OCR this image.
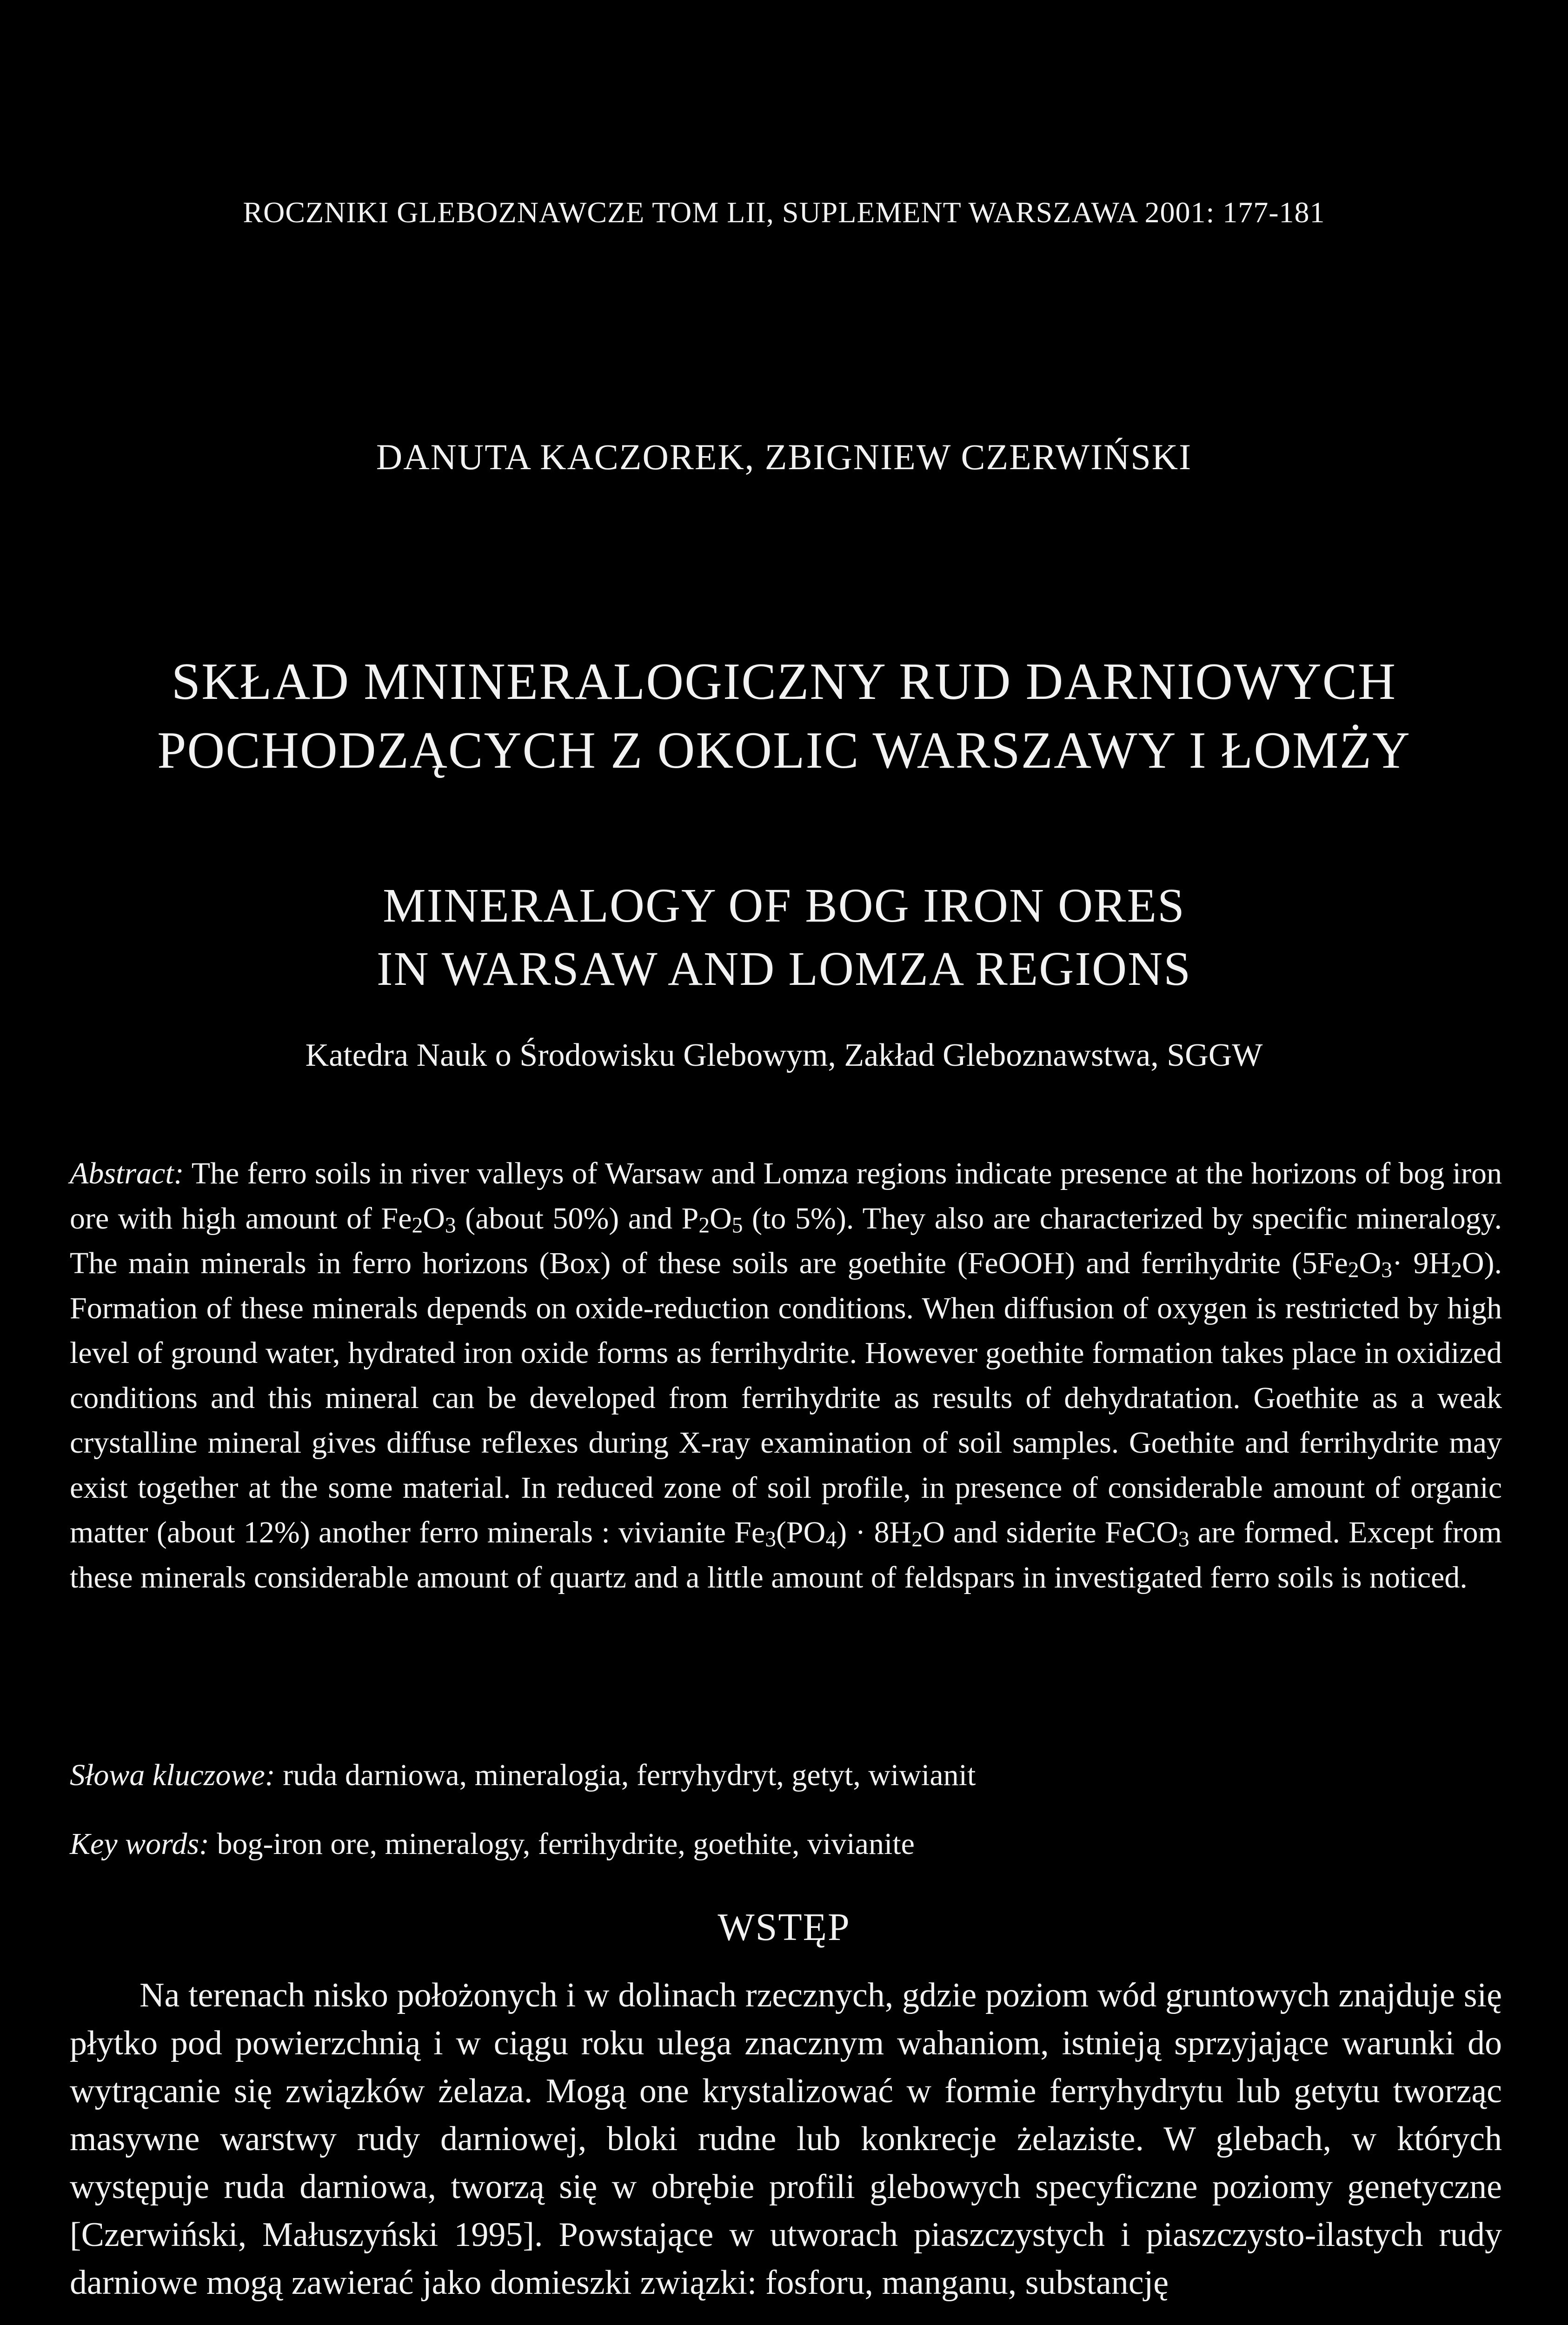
ROCZNIKI GLEBOZNAWCZE TOM LII, SUPLEMENT WARSZAWA 2001: 177-181
DANUTA KACZOREK, ZBIGNIEW CZERWIŃSKI
SKŁAD MNINERALOGICZNY RUD DARNIOWYCH
POCHODZĄCYCH Z OKOLIC WARSZAWY I ŁOMŻY
MINERALOGY OF BOG IRON ORES
IN WARSAW AND LOMZA REGIONS
Katedra Nauk o Środowisku Glebowym, Zakład Gleboznawstwa, SGGW
Abstract: The ferro soils in river valleys of Warsaw and Lomza regions indicate presence at the horizons of bog iron ore with high amount of $Fe_2O_3$ (about 50%) and $P_2O_5$ (to 5%). They also are characterized by specific mineralogy. The main minerals in ferro horizons (Box) of these soils are goethite (FeOOH) and ferrihydrite $(5Fe_2O_3\cdot 9H_2O)$. Formation of these minerals depends on oxide-reduction conditions. When diffusion of oxygen is restricted by high level of ground water, hydrated iron oxide forms as ferrihydrite. However goethite formation takes place in oxidized conditions and this mineral can be developed from ferrihydrite as results of dehydratation. Goethite as a weak crystalline mineral gives diffuse reflexes during X-ray examination of soil samples. Goethite and ferrihydrite may exist together at the some material. In reduced zone of soil profile, in presence of considerable amount of organic matter (about 12%) another ferro minerals : vivianite $Fe_3(PO_4) \cdot 8H_2O$ and siderite FeCO$_3$ are formed. Except from these minerals considerable amount of quartz and a little amount of feldspars in investigated ferro soils is noticed.
Słowa kluczowe: ruda darniowa, mineralogia, ferryhydryt, getyt, wiwianit
Key words: bog-iron ore, mineralogy, ferrihydrite, goethite, vivianite
WSTĘP
Na terenach nisko położonych i w dolinach rzecznych, gdzie poziom wód gruntowych znajduje się płytko pod powierzchnią i w ciągu roku ulega znacznym wahaniom, istnieją sprzyjające warunki do wytrącanie się związków żelaza. Mogą one krystalizować w formie ferryhydrytu lub getytu tworząc masywne warstwy rudy darniowej, bloki rudne lub konkrecje żelaziste. W glebach, w których występuje ruda darniowa, tworzą się w obrębie profili glebowych specyficzne poziomy genetyczne [Czerwiński, Małuszyński 1995]. Powstające w utworach piaszczystych i piaszczysto-ilastych rudy darniowe mogą zawierać jako domieszki związki: fosforu, manganu, substancję
